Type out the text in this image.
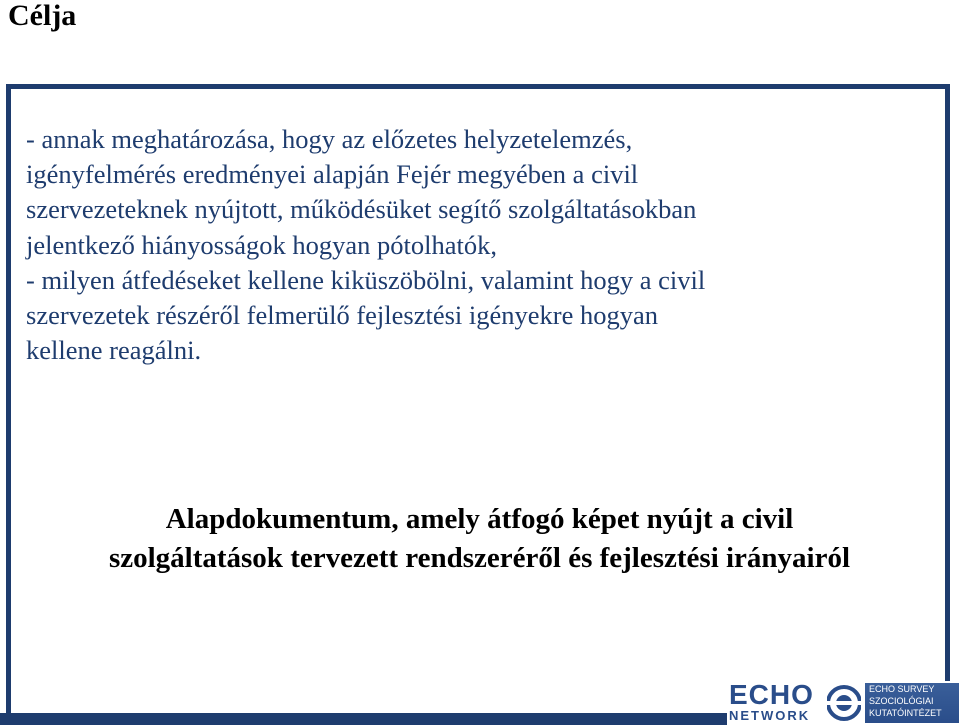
Célja
- annak meghatározása, hogy az előzetes helyzetelemzés,
igényfelmérés eredményei alapján Fejér megyében a civil
szervezeteknek nyújtott, működésüket segítő szolgáltatásokban
jelentkező hiányosságok hogyan pótolhatók,
- milyen átfedéseket kellene kiküszöbölni, valamint hogy a civil
szervezetek részéről felmerülő fejlesztési igényekre hogyan
kellene reagálni.
Alapdokumentum, amely átfogó képet nyújt a civil
szolgáltatások tervezett rendszeréről és fejlesztési irányairól
ECHO
NETWORK
ECHO SURVEY
SZOCIOLÓGIAI
KUTATÓINTÉZET
